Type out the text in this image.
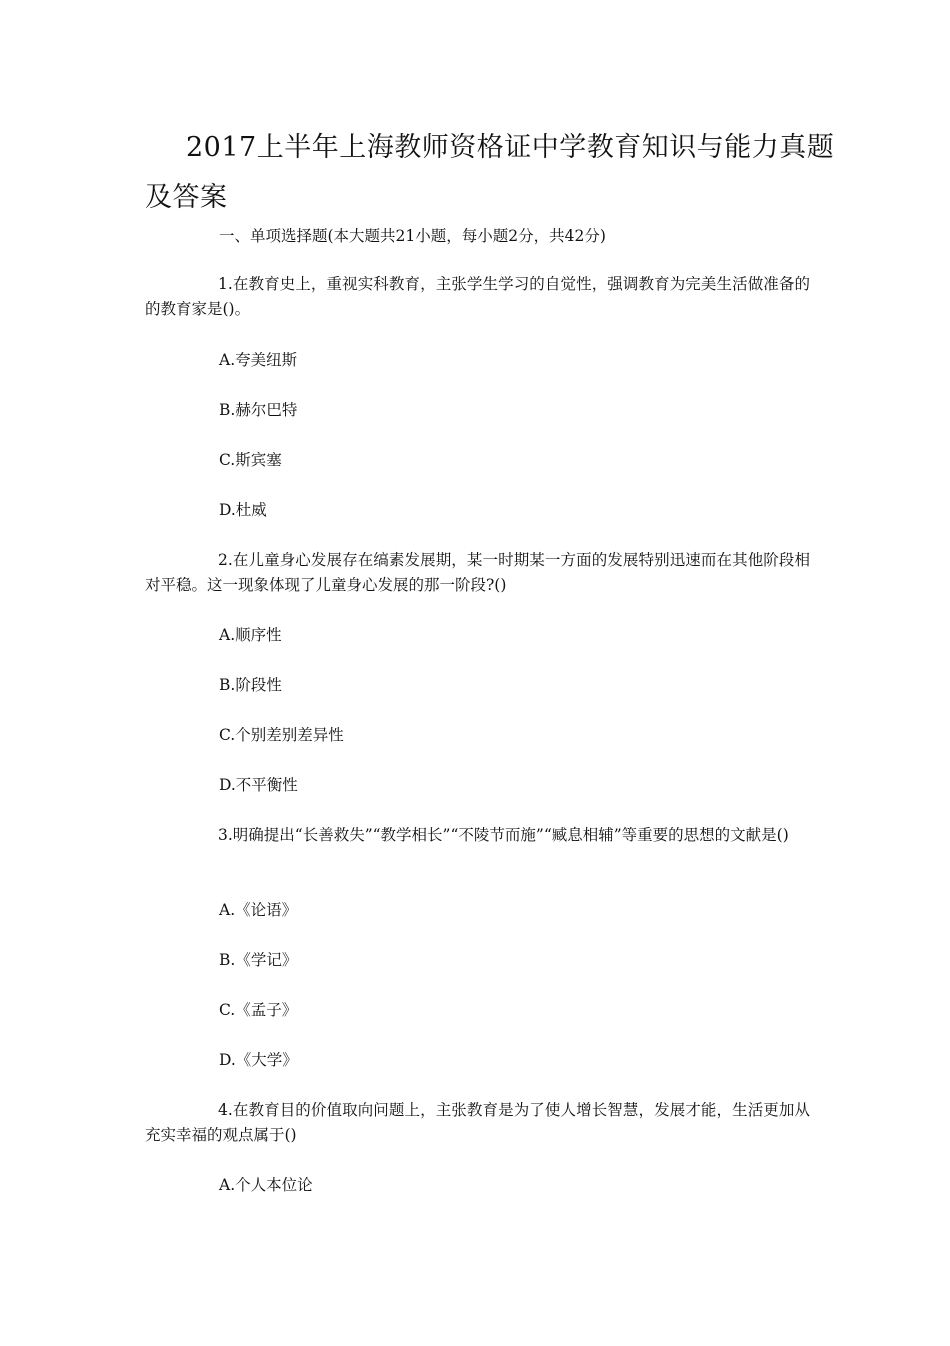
2017上半年上海教师资格证中学教育知识与能力真题
及答案
一、单项选择题(本大题共21小题，每小题2分，共42分)
1.在教育史上，重视实科教育，主张学生学习的自觉性，强调教育为完美生活做准备的的教育家是()。
A.夸美纽斯
B.赫尔巴特
C.斯宾塞
D.杜威
2.在儿童身心发展存在缟素发展期，某一时期某一方面的发展特别迅速而在其他阶段相对平稳。这一现象体现了儿童身心发展的那一阶段?()
A.顺序性
B.阶段性
C.个别差别差异性
D.不平衡性
3.明确提出“长善救失”“教学相长”“不陵节而施”“臧息相辅”等重要的思想的文献是()
A.《论语》
B.《学记》
C.《孟子》
D.《大学》
4.在教育目的价值取向问题上，主张教育是为了使人增长智慧，发展才能，生活更加从充实幸福的观点属于()
A.个人本位论
